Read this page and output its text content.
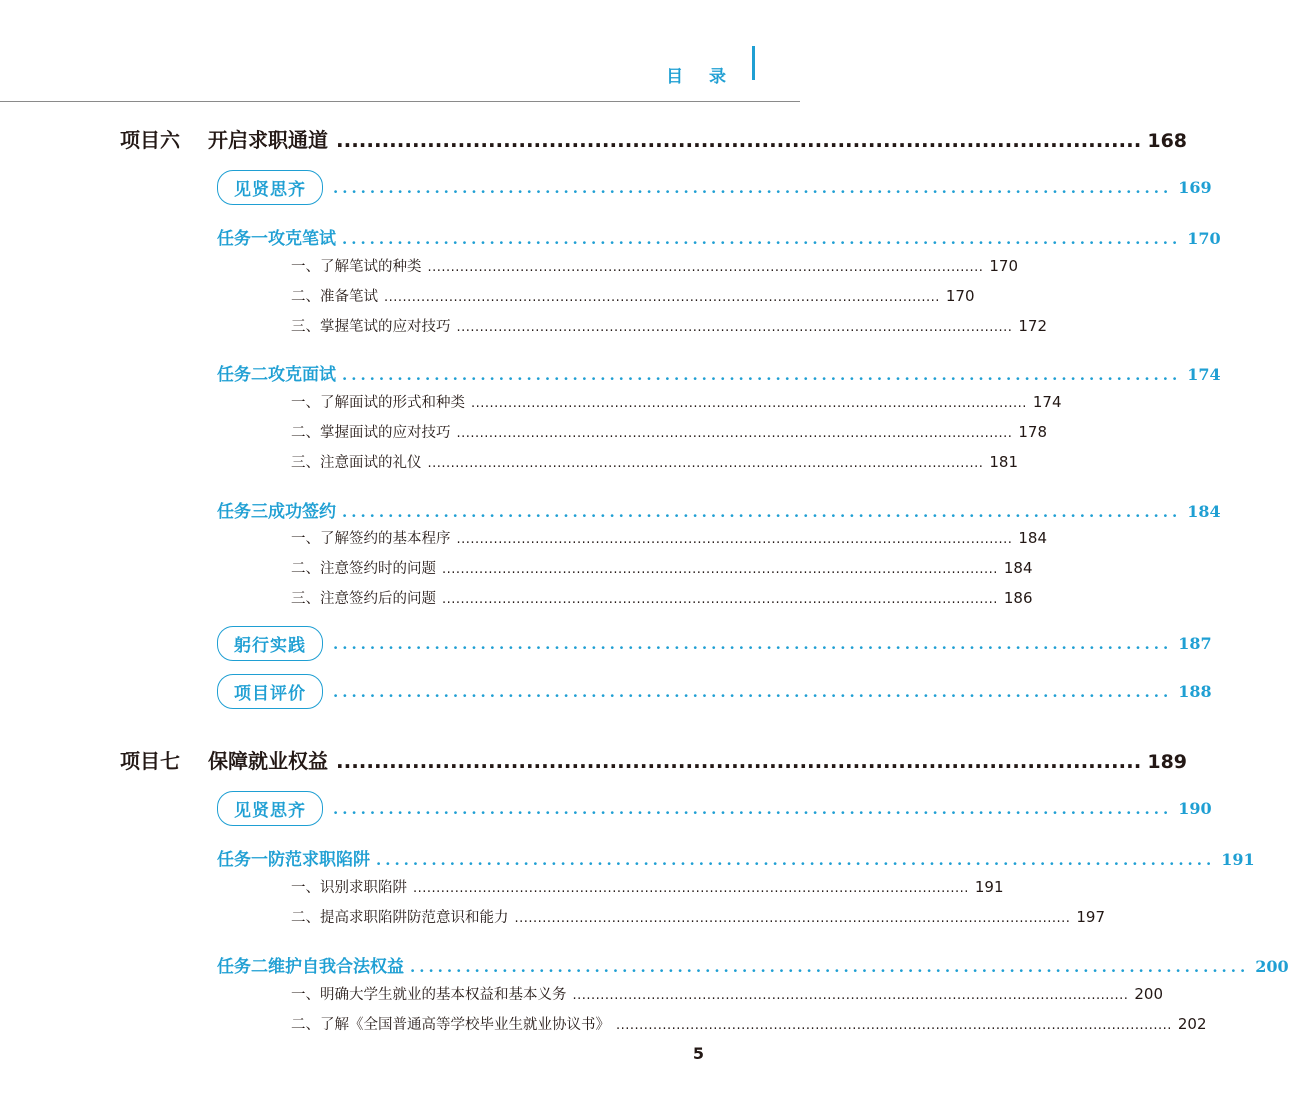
目 录
项目六 开启求职通道 .......................................................................................................... 168
见贤思齐	........................................................................................... 169
任务一 攻克笔试 ........................................................................................... 170
一、了解笔试的种类 ........................................................................................................................ 170
二、准备笔试 ........................................................................................................................ 170
三、掌握笔试的应对技巧 ........................................................................................................................ 172
任务二 攻克面试 ........................................................................................... 174
一、了解面试的形式和种类 ........................................................................................................................ 174
二、掌握面试的应对技巧 ........................................................................................................................ 178
三、注意面试的礼仪 ........................................................................................................................ 181
任务三 成功签约 ........................................................................................... 184
一、了解签约的基本程序 ........................................................................................................................ 184
二、注意签约时的问题 ........................................................................................................................ 184
三、注意签约后的问题 ........................................................................................................................ 186
躬行实践	........................................................................................... 187
项目评价	........................................................................................... 188
项目七 保障就业权益 .......................................................................................................... 189
见贤思齐	........................................................................................... 190
任务一 防范求职陷阱 ........................................................................................... 191
一、识别求职陷阱 ........................................................................................................................ 191
二、提高求职陷阱防范意识和能力 ........................................................................................................................ 197
任务二 维护自我合法权益 ........................................................................................... 200
一、明确大学生就业的基本权益和基本义务 ........................................................................................................................ 200
二、了解《全国普通高等学校毕业生就业协议书》 ........................................................................................................................ 202
5
